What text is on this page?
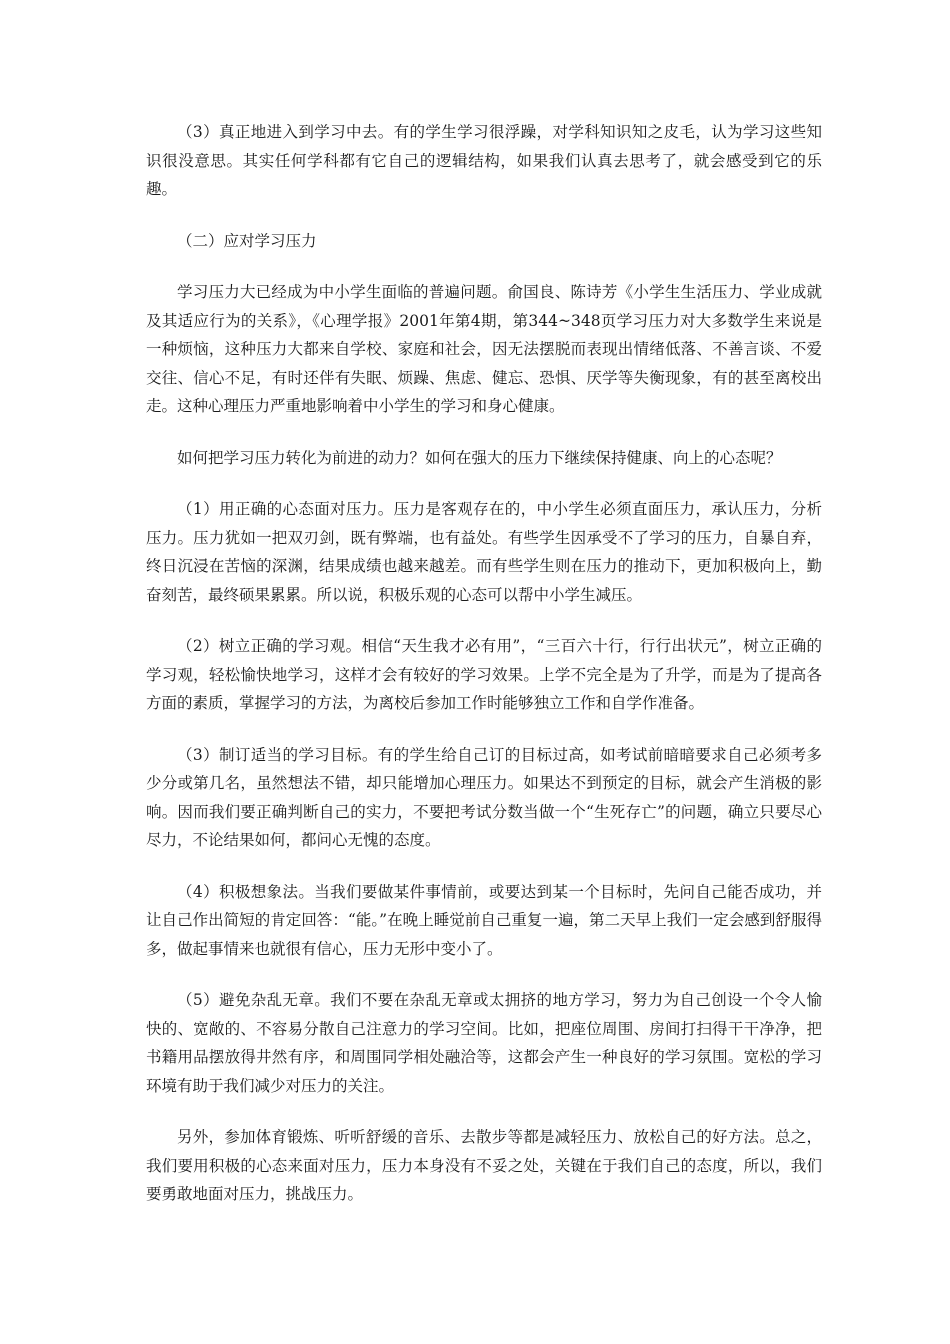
（3）真正地进入到学习中去。有的学生学习很浮躁，对学科知识知之皮毛，认为学习这些知识很没意思。其实任何学科都有它自己的逻辑结构，如果我们认真去思考了，就会感受到它的乐趣。

（二）应对学习压力

学习压力大已经成为中小学生面临的普遍问题。俞国良、陈诗芳《小学生生活压力、学业成就及其适应行为的关系》，《心理学报》2001年第4期，第344~348页学习压力对大多数学生来说是一种烦恼，这种压力大都来自学校、家庭和社会，因无法摆脱而表现出情绪低落、不善言谈、不爱交往、信心不足，有时还伴有失眠、烦躁、焦虑、健忘、恐惧、厌学等失衡现象，有的甚至离校出走。这种心理压力严重地影响着中小学生的学习和身心健康。

如何把学习压力转化为前进的动力？如何在强大的压力下继续保持健康、向上的心态呢？

（1）用正确的心态面对压力。压力是客观存在的，中小学生必须直面压力，承认压力，分析压力。压力犹如一把双刃剑，既有弊端，也有益处。有些学生因承受不了学习的压力，自暴自弃，终日沉浸在苦恼的深渊，结果成绩也越来越差。而有些学生则在压力的推动下，更加积极向上，勤奋刻苦，最终硕果累累。所以说，积极乐观的心态可以帮中小学生减压。

（2）树立正确的学习观。相信“天生我才必有用”，“三百六十行，行行出状元”，树立正确的学习观，轻松愉快地学习，这样才会有较好的学习效果。上学不完全是为了升学，而是为了提高各方面的素质，掌握学习的方法，为离校后参加工作时能够独立工作和自学作准备。

（3）制订适当的学习目标。有的学生给自己订的目标过高，如考试前暗暗要求自己必须考多少分或第几名，虽然想法不错，却只能增加心理压力。如果达不到预定的目标，就会产生消极的影响。因而我们要正确判断自己的实力，不要把考试分数当做一个“生死存亡”的问题，确立只要尽心尽力，不论结果如何，都问心无愧的态度。

（4）积极想象法。当我们要做某件事情前，或要达到某一个目标时，先问自己能否成功，并让自己作出简短的肯定回答：“能。”在晚上睡觉前自己重复一遍，第二天早上我们一定会感到舒服得多，做起事情来也就很有信心，压力无形中变小了。

（5）避免杂乱无章。我们不要在杂乱无章或太拥挤的地方学习，努力为自己创设一个令人愉快的、宽敞的、不容易分散自己注意力的学习空间。比如，把座位周围、房间打扫得干干净净，把书籍用品摆放得井然有序，和周围同学相处融洽等，这都会产生一种良好的学习氛围。宽松的学习环境有助于我们减少对压力的关注。

另外，参加体育锻炼、听听舒缓的音乐、去散步等都是减轻压力、放松自己的好方法。总之，我们要用积极的心态来面对压力，压力本身没有不妥之处，关键在于我们自己的态度，所以，我们要勇敢地面对压力，挑战压力。
